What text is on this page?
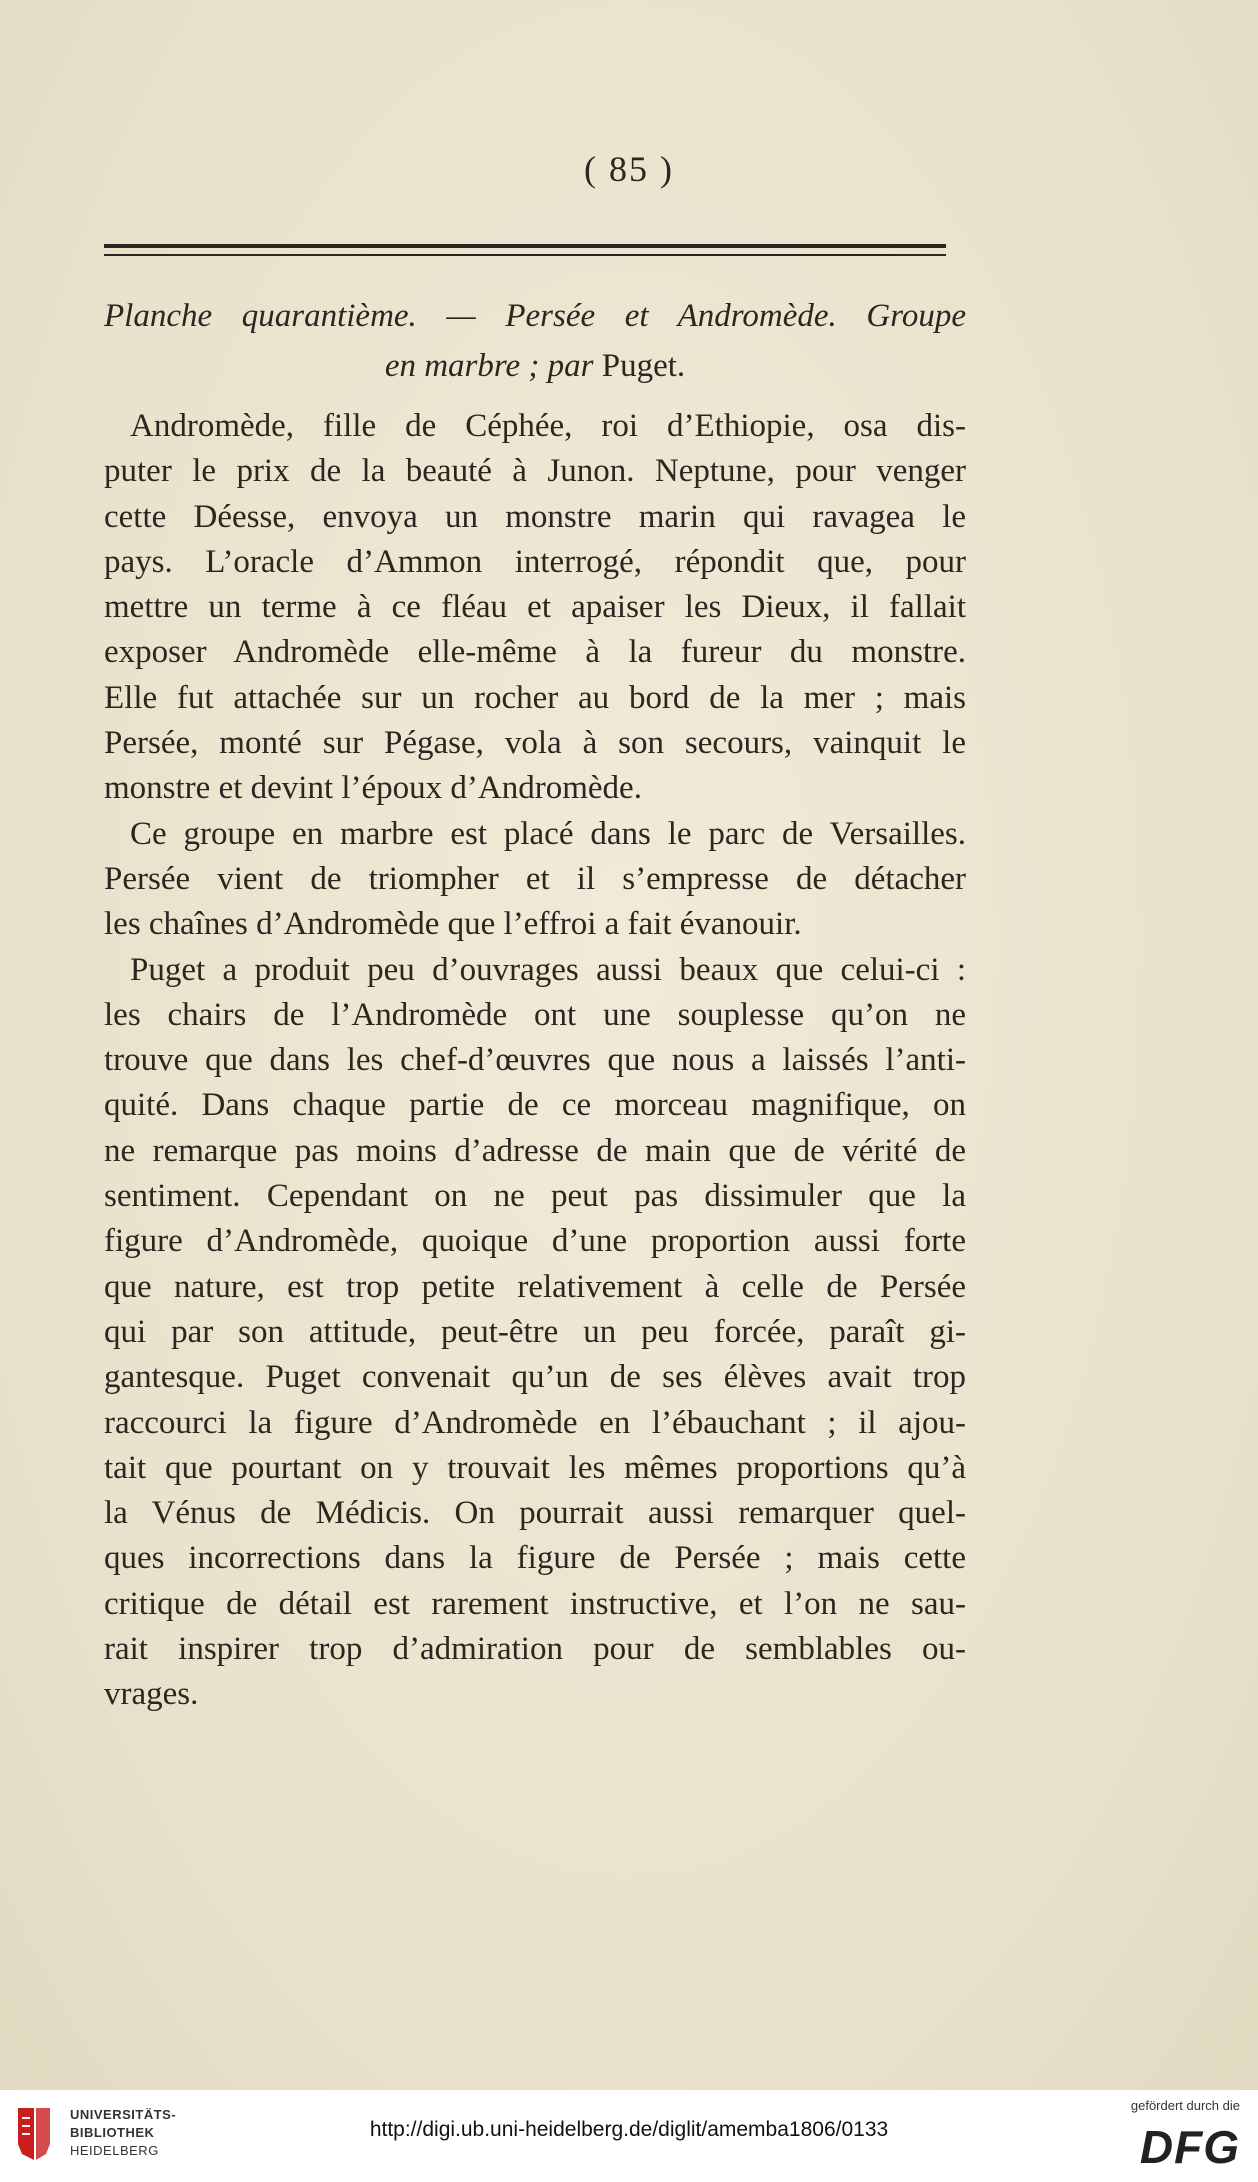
( 85 )
Planche quarantième. — Persée et Andromède. Groupe
en marbre ; par Puget.
Andromède, fille de Céphée, roi d’Ethiopie, osa dis-
puter le prix de la beauté à Junon. Neptune, pour venger
cette Déesse, envoya un monstre marin qui ravagea le
pays. L’oracle d’Ammon interrogé, répondit que, pour
mettre un terme à ce fléau et apaiser les Dieux, il fallait
exposer Andromède elle-même à la fureur du monstre.
Elle fut attachée sur un rocher au bord de la mer ; mais
Persée, monté sur Pégase, vola à son secours, vainquit le
monstre et devint l’époux d’Andromède.
Ce groupe en marbre est placé dans le parc de Versailles.
Persée vient de triompher et il s’empresse de détacher
les chaînes d’Andromède que l’effroi a fait évanouir.
Puget a produit peu d’ouvrages aussi beaux que celui-ci :
les chairs de l’Andromède ont une souplesse qu’on ne
trouve que dans les chef-d’œuvres que nous a laissés l’anti-
quité. Dans chaque partie de ce morceau magnifique, on
ne remarque pas moins d’adresse de main que de vérité de
sentiment. Cependant on ne peut pas dissimuler que la
figure d’Andromède, quoique d’une proportion aussi forte
que nature, est trop petite relativement à celle de Persée
qui par son attitude, peut-être un peu forcée, paraît gi-
gantesque. Puget convenait qu’un de ses élèves avait trop
raccourci la figure d’Andromède en l’ébauchant ; il ajou-
tait que pourtant on y trouvait les mêmes proportions qu’à
la Vénus de Médicis. On pourrait aussi remarquer quel-
ques incorrections dans la figure de Persée ; mais cette
critique de détail est rarement instructive, et l’on ne sau-
rait inspirer trop d’admiration pour de semblables ou-
vrages.
UNIVERSITÄTS-
BIBLIOTHEK
HEIDELBERG
http://digi.ub.uni-heidelberg.de/diglit/amemba1806/0133
gefördert durch die
DFG
